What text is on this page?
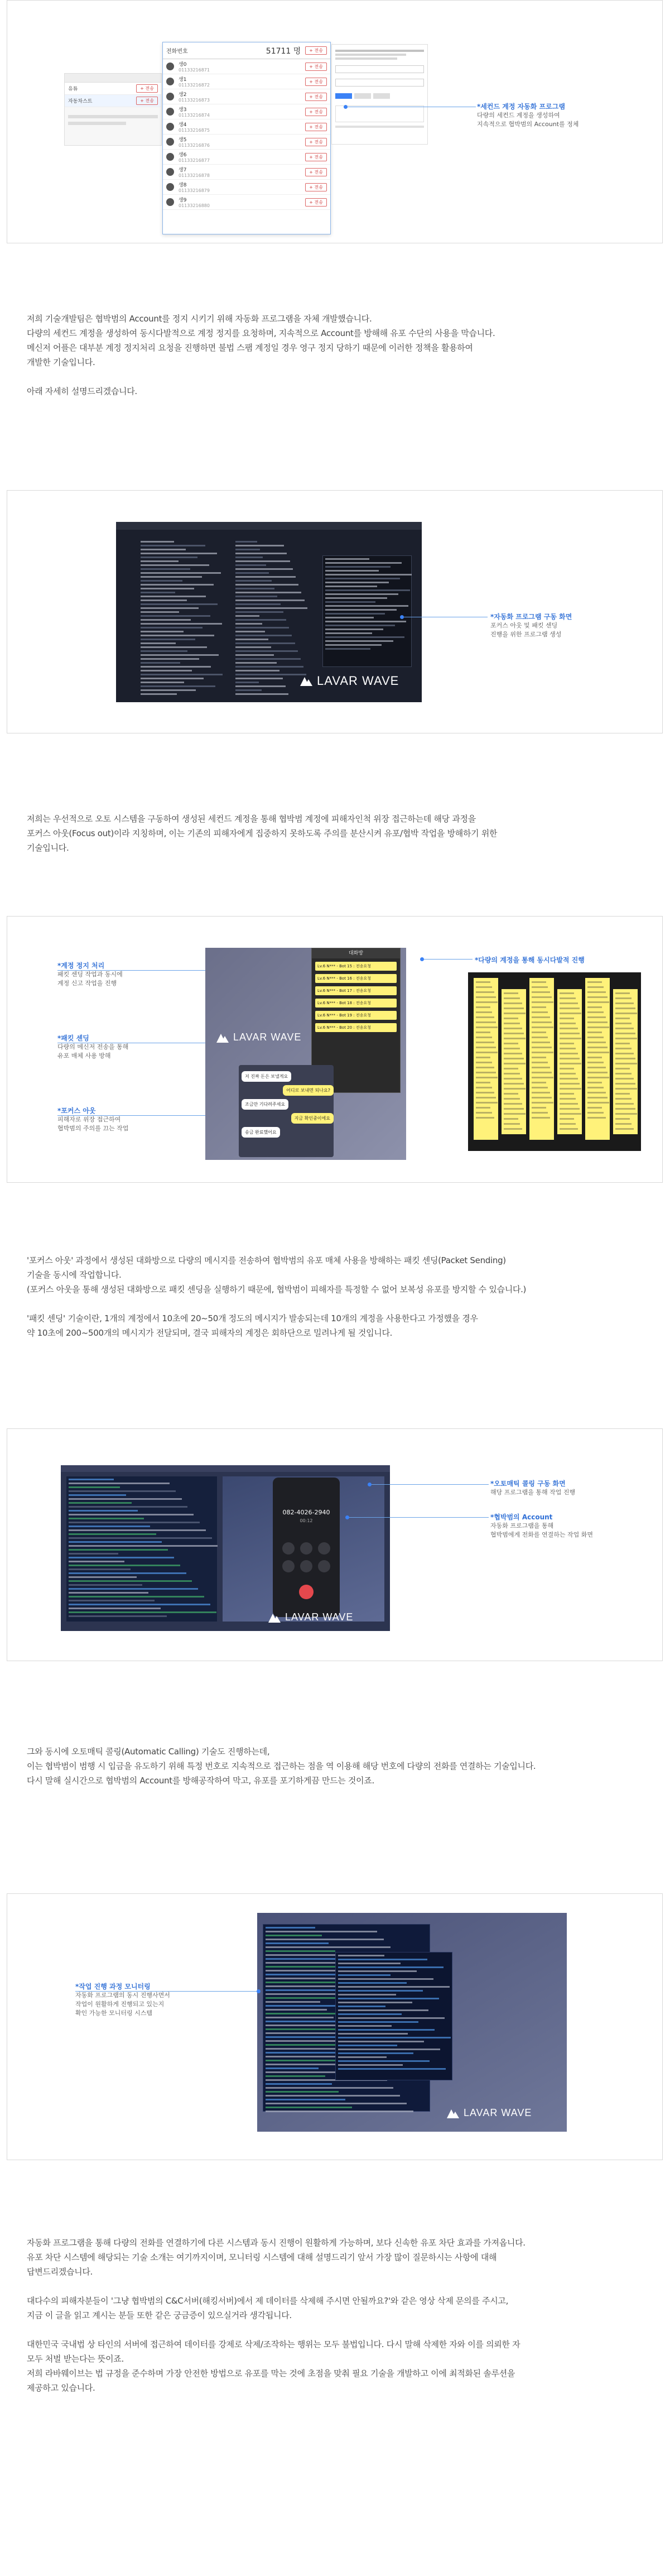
유튜	+ 전송
자동차스트	+ 전송
전화번호	51711 명	+ 전송
생0
01133216871
+ 전송
생1
01133216872
+ 전송
생2
01133216873
+ 전송
생3
01133216874
+ 전송
생4
01133216875
+ 전송
생5
01133216876
+ 전송
생6
01133216877
+ 전송
생7
01133216878
+ 전송
생8
01133216879
+ 전송
생9
01133216880
+ 전송
*세컨드 계정 자동화 프로그램
다량의 세컨드 계정을 생성하여
지속적으로 협박범의 Account를 정체

저희 기술개발팀은 협박범의 Account를 정지 시키기 위해 자동화 프로그램을 자체 개발했습니다.

다량의 세컨드 계정을 생성하여 동시다발적으로 계정 정지를 요청하며, 지속적으로 Account를 방해해 유포 수단의 사용을 막습니다.

메신저 어플은 대부분 계정 정지처리 요청을 진행하면 불법 스팸 계정일 경우 영구 정지 당하기 때문에 이러한 정책을 활용하여

개발한 기술입니다.

아래 자세히 설명드리겠습니다.

LAVAR WAVE
*자동화 프로그램 구동 화면
포커스 아웃 및 패킷 센딩
진행을 위한 프로그램 생성

저희는 우선적으로 오토 시스템을 구동하여 생성된 세컨드 계정을 통해 협박범 계정에 피해자인척 위장 접근하는데 해당 과정을

포커스 아웃(Focus out)이라 지칭하며, 이는 기존의 피해자에게 집중하지 못하도록 주의를 분산시켜 유포/협박 작업을 방해하기 위한

기술입니다.

*계정 정지 처리
패킷 센딩 작업과 동시에
계정 신고 작업을 진행
*패킷 센딩
다량의 메신저 전송을 통해
유포 매체 사용 방해
*포커스 아웃
피해자로 위장 접근하여
협박범의 주의를 끄는 작업
대화방
Lv.6 N*** - Bot 15 : 전송요청
Lv.6 N*** - Bot 16 : 전송요청
Lv.6 N*** - Bot 17 : 전송요청
Lv.6 N*** - Bot 18 : 전송요청
Lv.6 N*** - Bot 19 : 전송요청
Lv.6 N*** - Bot 20 : 전송요청
저 진짜 돈은 보낼게요
어디로 보내면 되나요?
조금만 기다려주세요
지금 확인중이에요
송금 완료했어요
LAVAR WAVE
*다량의 계정을 통해 동시다발적 진행

'포커스 아웃' 과정에서 생성된 대화방으로 다량의 메시지를 전송하여 협박범의 유포 매체 사용을 방해하는 패킷 센딩(Packet Sending)

기술을 동시에 작업합니다.

(포커스 아웃을 통해 생성된 대화방으로 패킷 센딩을 실행하기 때문에, 협박범이 피해자를 특정할 수 없어 보복성 유포를 방지할 수 있습니다.)

'패킷 센딩' 기술이란, 1개의 계정에서 10초에 20~50개 정도의 메시지가 발송되는데 10개의 계정을 사용한다고 가정했을 경우

약 10초에 200~500개의 메시지가 전달되며, 결국 피해자의 계정은 회하단으로 밀려나게 될 것입니다.

082-4026-2940
00:12
LAVAR WAVE
*오토매틱 콜링 구동 화면
해당 프로그램을 통해 작업 진행
*협박범의 Account
자동화 프로그램을 통해
협박범에게 전화를 연결하는 작업 화면

그와 동시에 오토매틱 콜링(Automatic Calling) 기술도 진행하는데,

이는 협박범이 범행 시 입금을 유도하기 위해 특정 번호로 지속적으로 접근하는 점을 역 이용해 해당 번호에 다량의 전화를 연결하는 기술입니다.

다시 말해 실시간으로 협박범의 Account를 방해공작하여 막고, 유포를 포기하게끔 만드는 것이죠.

LAVAR WAVE
*작업 진행 과정 모니터링
자동화 프로그램의 동시 진행사면서
작업이 원활하게 진행되고 있는지
확인 가능한 모니터링 시스템

자동화 프로그램을 통해 다량의 전화를 연결하기에 다른 시스템과 동시 진행이 원활하게 가능하며, 보다 신속한 유포 차단 효과를 가져옵니다.

유포 차단 시스템에 해당되는 기술 소개는 여기까지이며, 모니터링 시스템에 대해 설명드리기 앞서 가장 많이 질문하시는 사항에 대해

답변드리겠습니다.

대다수의 피해자분들이 '그냥 협박범의 C&C서버(해킹서버)에서 제 데이터를 삭제해 주시면 안될까요?'와 같은 영상 삭제 문의를 주시고,

지금 이 글을 읽고 계시는 분들 또한 같은 궁금증이 있으실거라 생각됩니다.

대한민국 국내법 상 타인의 서버에 접근하여 데이터를 강제로 삭제/조작하는 행위는 모두 불법입니다. 다시 말해 삭제한 자와 이를 의뢰한 자

모두 처벌 받는다는 뜻이죠.

저희 라바웨이브는 법 규정을 준수하며 가장 안전한 방법으로 유포를 막는 것에 초점을 맞춰 필요 기술을 개발하고 이에 최적화된 솔루션을

제공하고 있습니다.
